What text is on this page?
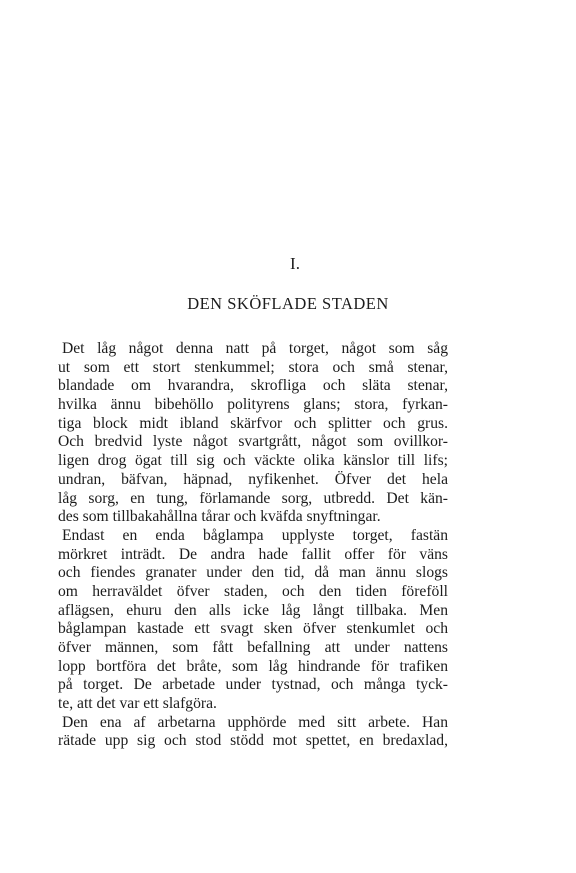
I.
DEN SKÖFLADE STADEN
Det låg något denna natt på torget, något som såg
ut som ett stort stenkummel; stora och små stenar,
blandade om hvarandra, skrofliga och släta stenar,
hvilka ännu bibehöllo polityrens glans; stora, fyrkan-
tiga block midt ibland skärfvor och splitter och grus.
Och bredvid lyste något svartgrått, något som ovillkor-
ligen drog ögat till sig och väckte olika känslor till lifs;
undran, bäfvan, häpnad, nyfikenhet. Öfver det hela
låg sorg, en tung, förlamande sorg, utbredd. Det kän-
des som tillbakahållna tårar och kväfda snyftningar.
Endast en enda båglampa upplyste torget, fastän
mörkret inträdt. De andra hade fallit offer för väns
och fiendes granater under den tid, då man ännu slogs
om herraväldet öfver staden, och den tiden föreföll
aflägsen, ehuru den alls icke låg långt tillbaka. Men
båglampan kastade ett svagt sken öfver stenkumlet och
öfver männen, som fått befallning att under nattens
lopp bortföra det bråte, som låg hindrande för trafiken
på torget. De arbetade under tystnad, och många tyck-
te, att det var ett slafgöra.
Den ena af arbetarna upphörde med sitt arbete. Han
rätade upp sig och stod stödd mot spettet, en bredaxlad,
